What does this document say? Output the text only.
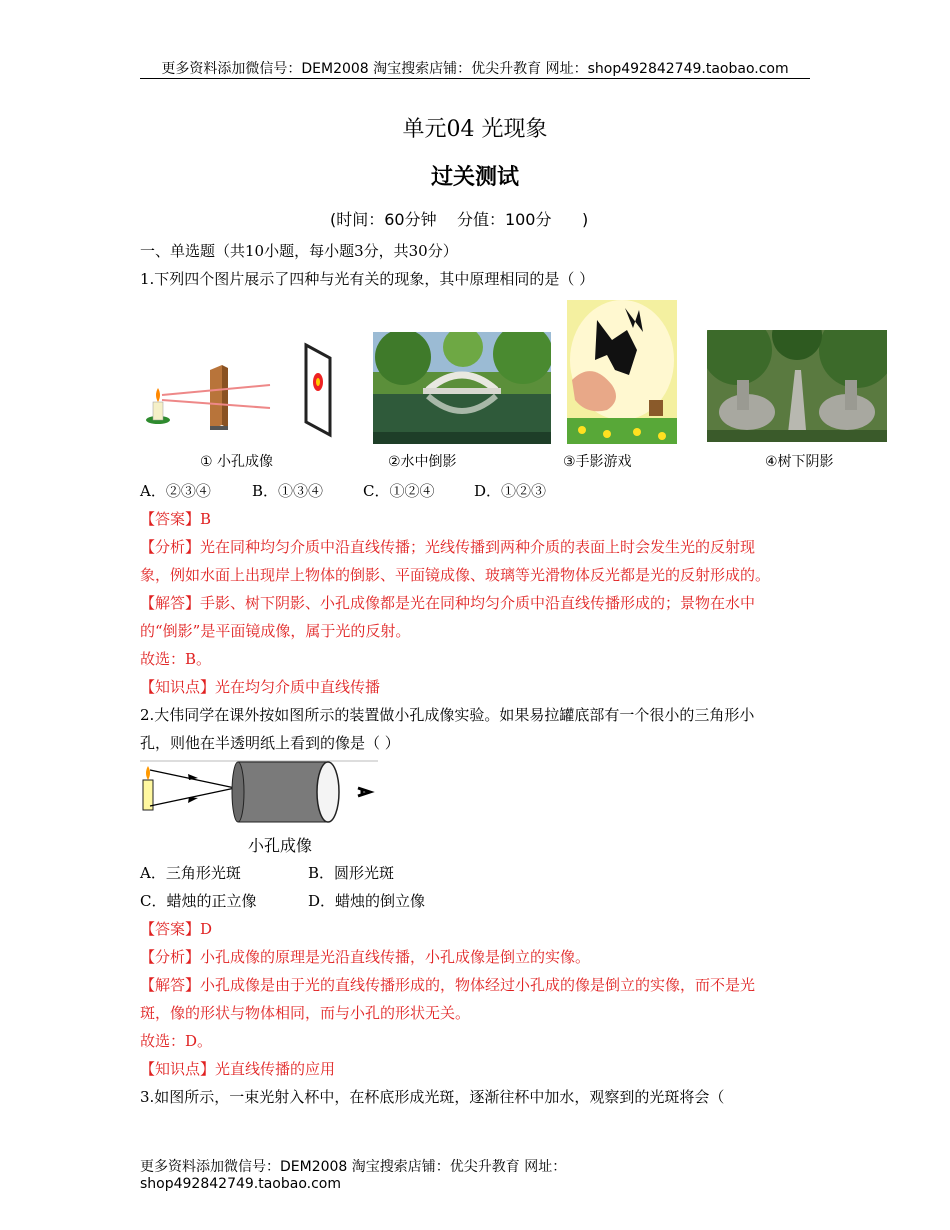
更多资料添加微信号：DEM2008 淘宝搜索店铺：优尖升教育 网址：shop492842749.taobao.com
单元04 光现象
过关测试
(时间：60分钟    分值：100分      )
一、单选题（共10小题，每小题3分，共30分）
1.下列四个图片展示了四种与光有关的现象，其中原理相同的是（ ）
① 小孔成像	②水中倒影	③手影游戏	④树下阴影
A．②③④	B．①③④	C．①②④	D．①②③
【答案】B
【分析】光在同种均匀介质中沿直线传播；光线传播到两种介质的表面上时会发生光的反射现
象，例如水面上出现岸上物体的倒影、平面镜成像、玻璃等光滑物体反光都是光的反射形成的。
【解答】手影、树下阴影、小孔成像都是光在同种均匀介质中沿直线传播形成的；景物在水中
的“倒影”是平面镜成像，属于光的反射。
故选：B。
【知识点】光在均匀介质中直线传播
2.大伟同学在课外按如图所示的装置做小孔成像实验。如果易拉罐底部有一个很小的三角形小
孔，则他在半透明纸上看到的像是（ ）
小孔成像
A．三角形光斑	B．圆形光斑
C．蜡烛的正立像	D．蜡烛的倒立像
【答案】D
【分析】小孔成像的原理是光沿直线传播，小孔成像是倒立的实像。
【解答】小孔成像是由于光的直线传播形成的，物体经过小孔成的像是倒立的实像，而不是光
斑，像的形状与物体相同，而与小孔的形状无关。
故选：D。
【知识点】光直线传播的应用
3.如图所示，一束光射入杯中，在杯底形成光斑，逐渐往杯中加水，观察到的光斑将会（
更多资料添加微信号：DEM2008 淘宝搜索店铺：优尖升教育 网址：shop492842749.taobao.com
